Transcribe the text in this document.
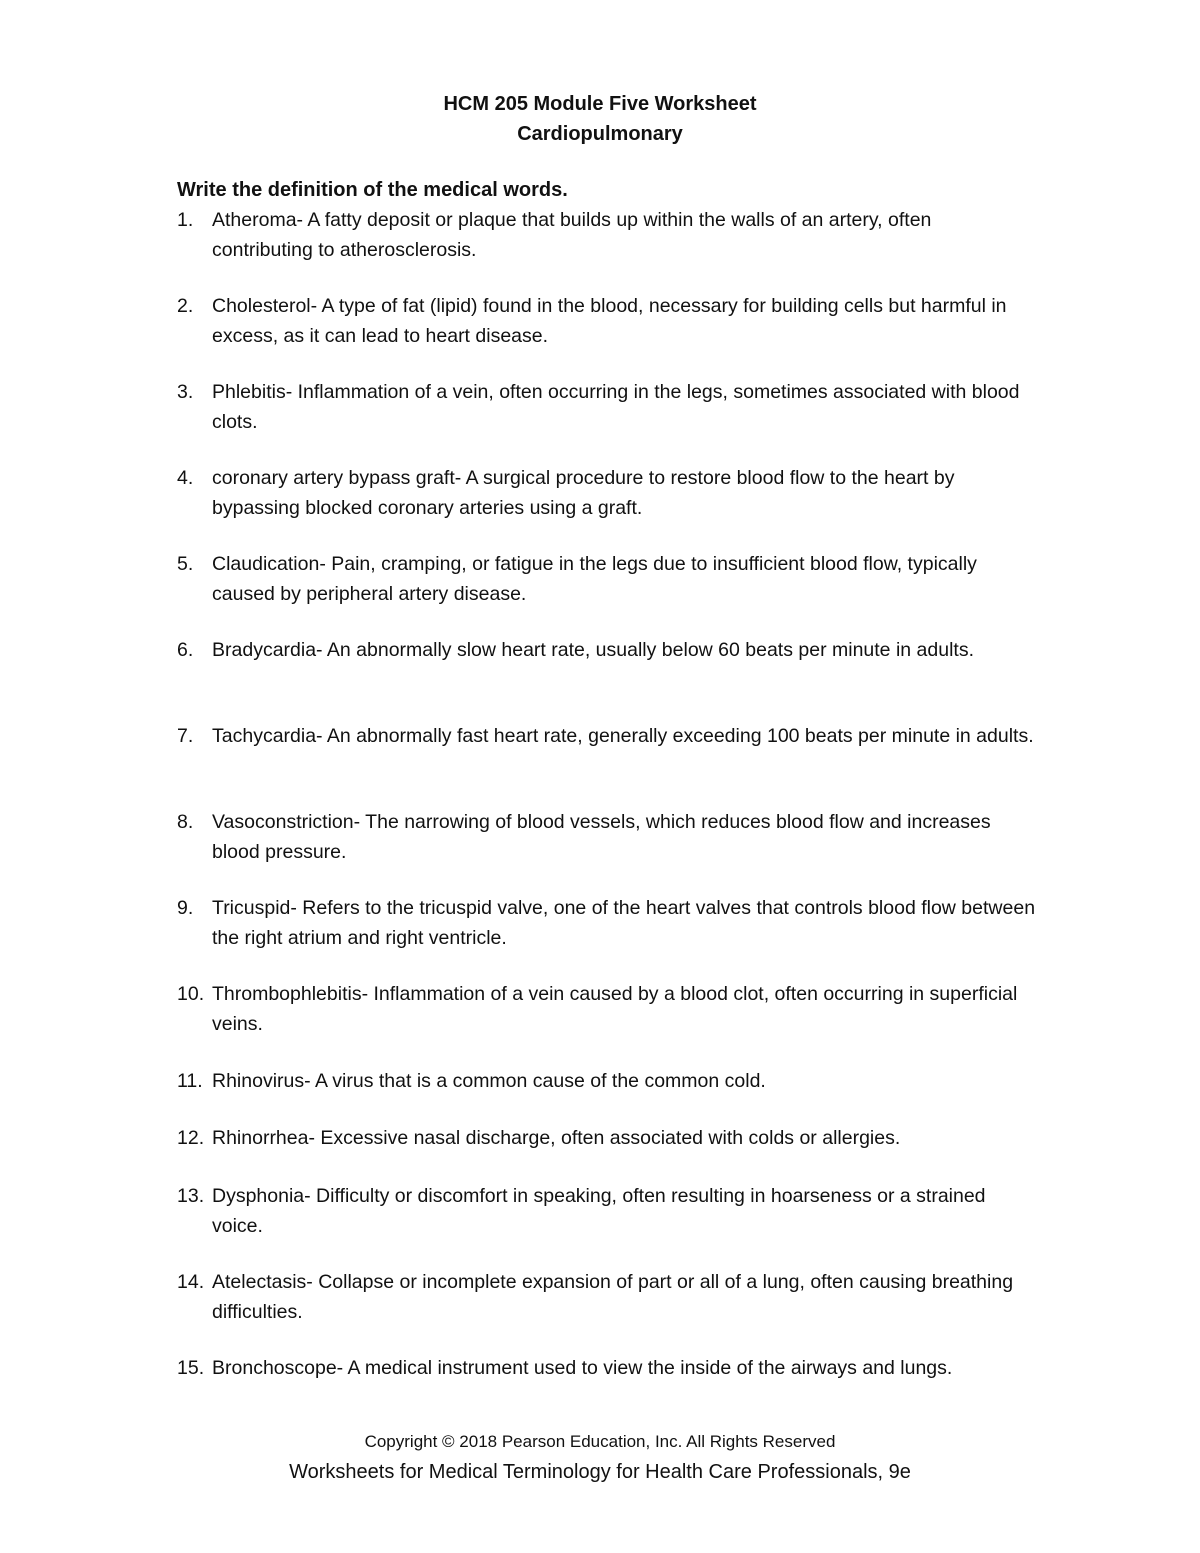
HCM 205 Module Five Worksheet
Cardiopulmonary
Write the definition of the medical words.
1. Atheroma- A fatty deposit or plaque that builds up within the walls of an artery, often contributing to atherosclerosis.
2. Cholesterol- A type of fat (lipid) found in the blood, necessary for building cells but harmful in excess, as it can lead to heart disease.
3. Phlebitis- Inflammation of a vein, often occurring in the legs, sometimes associated with blood clots.
4. coronary artery bypass graft- A surgical procedure to restore blood flow to the heart by bypassing blocked coronary arteries using a graft.
5. Claudication- Pain, cramping, or fatigue in the legs due to insufficient blood flow, typically caused by peripheral artery disease.
6. Bradycardia- An abnormally slow heart rate, usually below 60 beats per minute in adults.
7. Tachycardia- An abnormally fast heart rate, generally exceeding 100 beats per minute in adults.
8. Vasoconstriction- The narrowing of blood vessels, which reduces blood flow and increases blood pressure.
9. Tricuspid- Refers to the tricuspid valve, one of the heart valves that controls blood flow between the right atrium and right ventricle.
10. Thrombophlebitis- Inflammation of a vein caused by a blood clot, often occurring in superficial veins.
11. Rhinovirus- A virus that is a common cause of the common cold.
12. Rhinorrhea- Excessive nasal discharge, often associated with colds or allergies.
13. Dysphonia- Difficulty or discomfort in speaking, often resulting in hoarseness or a strained voice.
14. Atelectasis- Collapse or incomplete expansion of part or all of a lung, often causing breathing difficulties.
15. Bronchoscope- A medical instrument used to view the inside of the airways and lungs.
Copyright © 2018 Pearson Education, Inc. All Rights Reserved
Worksheets for Medical Terminology for Health Care Professionals, 9e
